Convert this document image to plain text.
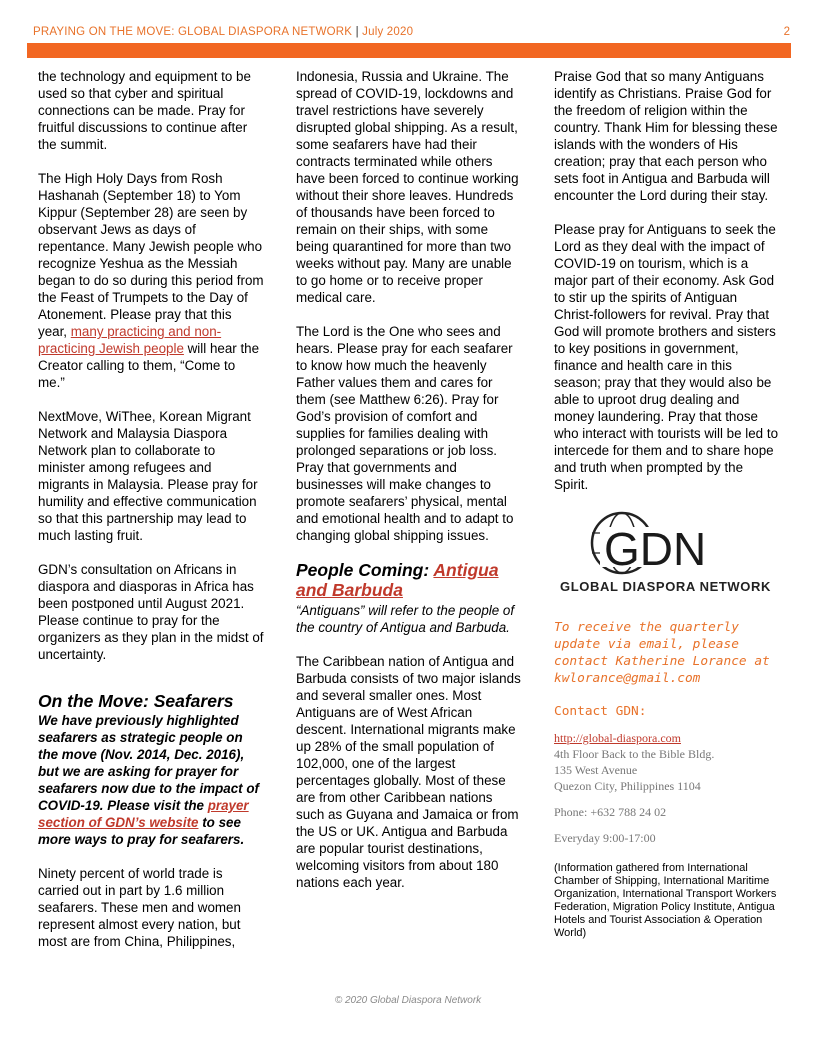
PRAYING ON THE MOVE: GLOBAL DIASPORA NETWORK | July 2020	2

the technology and equipment to be used so that cyber and spiritual connections can be made. Pray for fruitful discussions to continue after the summit.

The High Holy Days from Rosh Hashanah (September 18) to Yom Kippur (September 28) are seen by observant Jews as days of repentance. Many Jewish people who recognize Yeshua as the Messiah began to do so during this period from the Feast of Trumpets to the Day of Atonement. Please pray that this year, many practicing and non-practicing Jewish people will hear the Creator calling to them, “Come to me.”

NextMove, WiThee, Korean Migrant Network and Malaysia Diaspora Network plan to collaborate to minister among refugees and migrants in Malaysia. Please pray for humility and effective communication so that this partnership may lead to much lasting fruit.

GDN’s consultation on Africans in diaspora and diasporas in Africa has been postponed until August 2021. Please continue to pray for the organizers as they plan in the midst of uncertainty.

On the Move: Seafarers

We have previously highlighted seafarers as strategic people on the move (Nov. 2014, Dec. 2016), but we are asking for prayer for seafarers now due to the impact of COVID-19. Please visit the prayer section of GDN’s website to see more ways to pray for seafarers.

Ninety percent of world trade is carried out in part by 1.6 million seafarers. These men and women represent almost every nation, but most are from China, Philippines,

Indonesia, Russia and Ukraine. The spread of COVID-19, lockdowns and travel restrictions have severely disrupted global shipping. As a result, some seafarers have had their contracts terminated while others have been forced to continue working without their shore leaves. Hundreds of thousands have been forced to remain on their ships, with some being quarantined for more than two weeks without pay. Many are unable to go home or to receive proper medical care.

The Lord is the One who sees and hears. Please pray for each seafarer to know how much the heavenly Father values them and cares for them (see Matthew 6:26). Pray for God’s provision of comfort and supplies for families dealing with prolonged separations or job loss. Pray that governments and businesses will make changes to promote seafarers’ physical, mental and emotional health and to adapt to changing global shipping issues.

People Coming: Antigua and Barbuda

“Antiguans” will refer to the people of the country of Antigua and Barbuda.

The Caribbean nation of Antigua and Barbuda consists of two major islands and several smaller ones. Most Antiguans are of West African descent. International migrants make up 28% of the small population of 102,000, one of the largest percentages globally. Most of these are from other Caribbean nations such as Guyana and Jamaica or from the US or UK. Antigua and Barbuda are popular tourist destinations, welcoming visitors from about 180 nations each year.

Praise God that so many Antiguans identify as Christians. Praise God for the freedom of religion within the country. Thank Him for blessing these islands with the wonders of His creation; pray that each person who sets foot in Antigua and Barbuda will encounter the Lord during their stay.

Please pray for Antiguans to seek the Lord as they deal with the impact of COVID-19 on tourism, which is a major part of their economy. Ask God to stir up the spirits of Antiguan Christ-followers for revival. Pray that God will promote brothers and sisters to key positions in government, finance and health care in this season; pray that they would also be able to uproot drug dealing and money laundering. Pray that those who interact with tourists will be led to intercede for them and to share hope and truth when prompted by the Spirit.

GDN
GLOBAL DIASPORA NETWORK

To receive the quarterly update via email, please contact Katherine Lorance at kwlorance@gmail.com

Contact GDN:
http://global-diaspora.com
4th Floor Back to the Bible Bldg.
135 West Avenue
Quezon City, Philippines 1104
Phone: +632 788 24 02
Everyday 9:00-17:00
(Information gathered from International Chamber of Shipping, International Maritime Organization, International Transport Workers Federation, Migration Policy Institute, Antigua Hotels and Tourist Association & Operation World)
© 2020 Global Diaspora Network
